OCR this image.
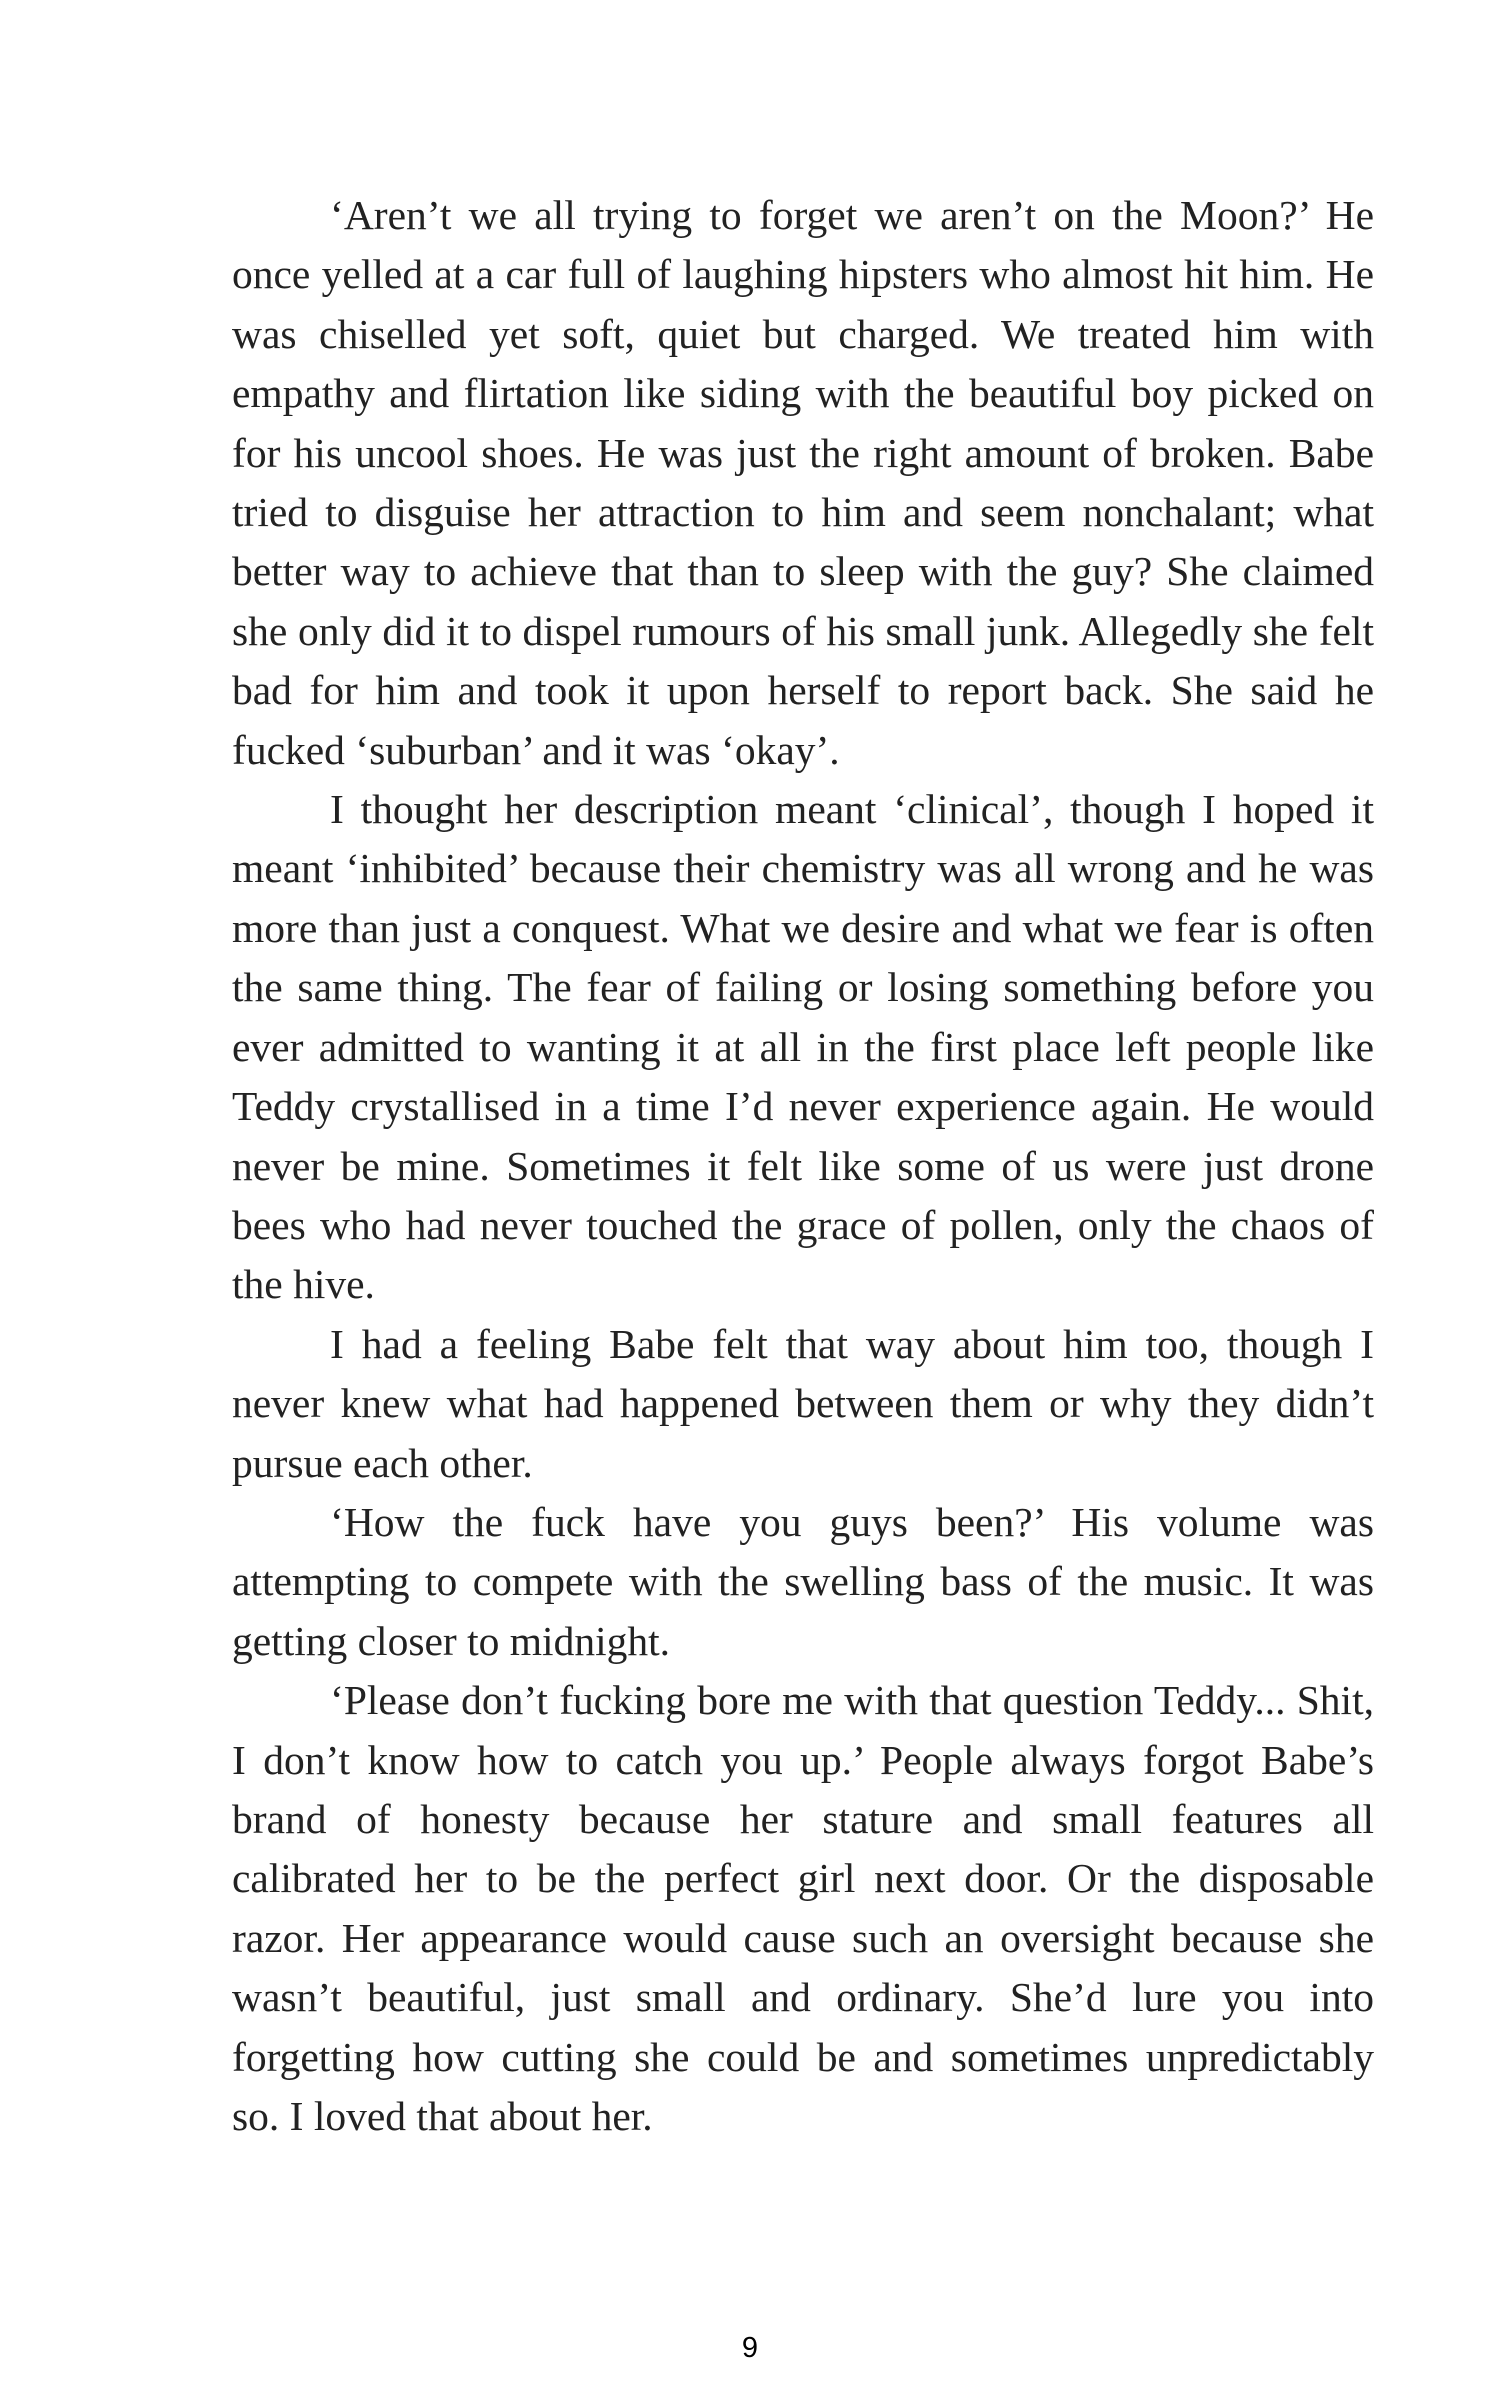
‘Aren’t we all trying to forget we aren’t on the Moon?’ He once yelled at a car full of laughing hipsters who almost hit him. He was chiselled yet soft, quiet but charged. We treated him with empathy and flirtation like siding with the beautiful boy picked on for his uncool shoes. He was just the right amount of broken. Babe tried to disguise her attraction to him and seem nonchalant; what better way to achieve that than to sleep with the guy? She claimed she only did it to dispel rumours of his small junk. Allegedly she felt bad for him and took it upon herself to report back. She said he fucked ‘suburban’ and it was ‘okay’.

I thought her description meant ‘clinical’, though I hoped it meant ‘inhibited’ because their chemistry was all wrong and he was more than just a conquest. What we desire and what we fear is often the same thing. The fear of failing or losing something before you ever admitted to wanting it at all in the first place left people like Teddy crystallised in a time I’d never experience again. He would never be mine. Sometimes it felt like some of us were just drone bees who had never touched the grace of pollen, only the chaos of the hive.

I had a feeling Babe felt that way about him too, though I never knew what had happened between them or why they didn’t pursue each other.

‘How the fuck have you guys been?’ His volume was attempting to compete with the swelling bass of the music. It was getting closer to midnight.

‘Please don’t fucking bore me with that question Teddy... Shit, I don’t know how to catch you up.’ People always forgot Babe’s brand of honesty because her stature and small features all calibrated her to be the perfect girl next door. Or the disposable razor. Her appearance would cause such an oversight because she wasn’t beautiful, just small and ordinary. She’d lure you into forgetting how cutting she could be and sometimes unpredictably so. I loved that about her.

9
